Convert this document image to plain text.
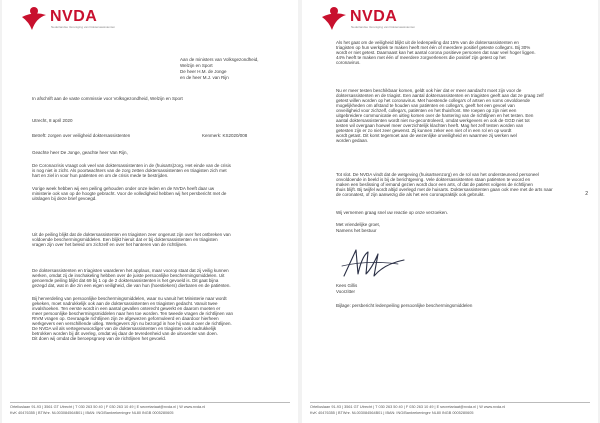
NVDA
Nederlandse Vereniging van Doktersassistenten
Aan de ministers van Volksgezondheid,
Welzijn en Sport
De heer H.M. de Jonge
en de heer M.J. van Rijn
In afschrift aan de vaste commissie voor Volksgezondheid, Welzijn en Sport
Utrecht, 8 april 2020
Betreft: zorgen over veiligheid doktersassistenten	Kenmerk: KS2020/008
Geachte heer De Jonge, geachte heer Van Rijn,
De Coronacrisis vraagt ook veel van doktersassistenten in de (huisarts)zorg. Het einde van de crisis
is nog niet in zicht. Als poortwachters van de zorg zetten doktersassistenten en triagisten zich met
hart en ziel in voor hun patiënten en om de crisis mede te bestrijden.
Vorige week hebben wij een peiling gehouden onder onze leden en de NVDA heeft daar uw
ministerie ook van op de hoogte gebracht. Voor de volledigheid hebben wij het persbericht met de
uitslagen bij deze brief gevoegd.
Uit de peiling blijkt dat de doktersassistenten en triagisten zeer ongerust zijn over het ontbreken van
voldoende beschermingsmiddelen. Een blijkt hieruit dat er bij doktersassistenten en triagisten
vragen zijn over het beleid om zichzelf en over het hanteren van de richtlijnen.
De doktersassistenten en triagisten waarderen het applaus, maar voorop staat dat zij veilig kunnen
werken, omdat zij de inschakeling hebben over de juiste persoonlijke beschermingsmiddelen. Uit
genoemde peiling blijkt dat 69 bij 1 op de 2 doktersassistenten is het gevoeld is. Dit gaat bijna
gezegd dat, wat in die zin een eigen veiligheid, die van hun (hoestiekers) dierbaren en de patiënten.
Bij herverdeling van persoonlijke beschermingsmiddelen, waar nu vanuit het Ministerie naar wordt
gekeken, moet nadrukkelijk ook aan de doktersassistenten en triagisten gedacht. Vanuit twee
invalshoeken. Ten eerste wordt in een aantal gevallen onterecht gewerkt en daarom moeten er
meer persoonlijke beschermingsmiddelen naar hen toe worden. Ten tweede vragen de richtlijnen van
RIVM vragen op. Gevraagde richtlijnen zijn ze afgewezen geformuleerd en daardoor hierheen
werkgevers een verschillende uitleg. Werkgevers zijn nu bezorgd in hoe hij vanuit over de richtlijnen.
De NVDA wil als vertegenwoordiger van de doktersassistenten en triagisten ook nadrukkelijk
betrokken worden bij dit overleg, omdat wij daar de tevredenheid van de uitvoerder van doen.
Dit doen wij omdat die beroepsgroep van de richtlijnen het gevoeld.
Orteliuslaan 91-93 | 3561 GT Utrecht | T 030 263 50 40 | F 030 263 10 49 | E secretariaat@nvda.nl | W www.nvda.nl
KvK 40476355 | BTWnr. NL003084564B01 | IBAN: ING/Bankrekeningnr NL80 INGB 0005280605
NVDA
Nederlandse Vereniging van Doktersassistenten
Als het gaat om de veiligheid blijkt uit de ledenpeiling dat 15% van de doktersassistenten en
triagisten op hun werkplek te maken heeft met één of meerdere positief geteste collega's. Bij 30%
wordt er niet getest. Daarnaast kan het aantal corona positieve personen dat naar veel hoger liggen.
44% heeft te maken met één of meerdere zorgverleners die positief zijn getest op het
coronavirus.
Nu er meer testen beschikbaar komen, geldt ook hier dat er meer aandacht moet zijn voor de
doktersassistenten en de triagist. Een aantal doktersassistenten en triagisten geeft aan dat ze graag zelf
getest willen worden op het coronavirus. Met hoestende collega's of artsen en soms onvoldoende
mogelijkheden om afstand te houden van patiënten en collega's, geeft het een gevoel van
onveiligheid voor zichzelf, collega's, patiënten en het thuisfront. We roepen op zijn niet een
uitgebreidere communicatie en uitleg komen over de hantering van de richtlijnen en het testen. Een
aantal doktersassistenten wordt niet nu-gecontroleerd, omdat werkgevers en ook de GGD niet tot
testen wil overgaan hoewel meer overzichtelijk klachten heeft. Mag het zelf testen worden van
getesten zijn er zo niet zeer gewenst. Zij kunnen zeker een niet of in een rol en op wordt
wordt getast. Dit komt tegemoet aan de wezenlijke onveiligheid en waarmee zij werken wel
worden gedaan.
Tot slot. De NVDA vindt dat de wetgeving (huisartsenzorg) en de rol van het ondersteunend personeel
onvoldoende in beeld is bij de berichtgeving. Vele doktersassistenten staan patiënten te woord en
maken een beslissing of iemand gezien wordt door een arts, of dat de patiënt volgens de richtlijnen
thuis blijft. Bij twijfel wordt altijd overlegd met de huisarts. Doktersassistenten gaan ook mee met de arts naar
de coronatest, of zijn aanwezig die als het een coronapraktijk ook gebruikt.	2
Wij vernemen graag snel uw reactie op onze verzoeken.
Met vriendelijke groet,
Namens het bestuur
Kees Gillis
Voorzitter
Bijlage: persbericht ledenpeiling persoonlijke beschermingsmiddelen
Orteliuslaan 91-93 | 3561 GT Utrecht | T 030 263 50 40 | F 030 263 10 49 | E secretariaat@nvda.nl | W www.nvda.nl
KvK 40476355 | BTWnr. NL003084564B01 | IBAN: ING/Bankrekeningnr NL80 INGB 0005280605
